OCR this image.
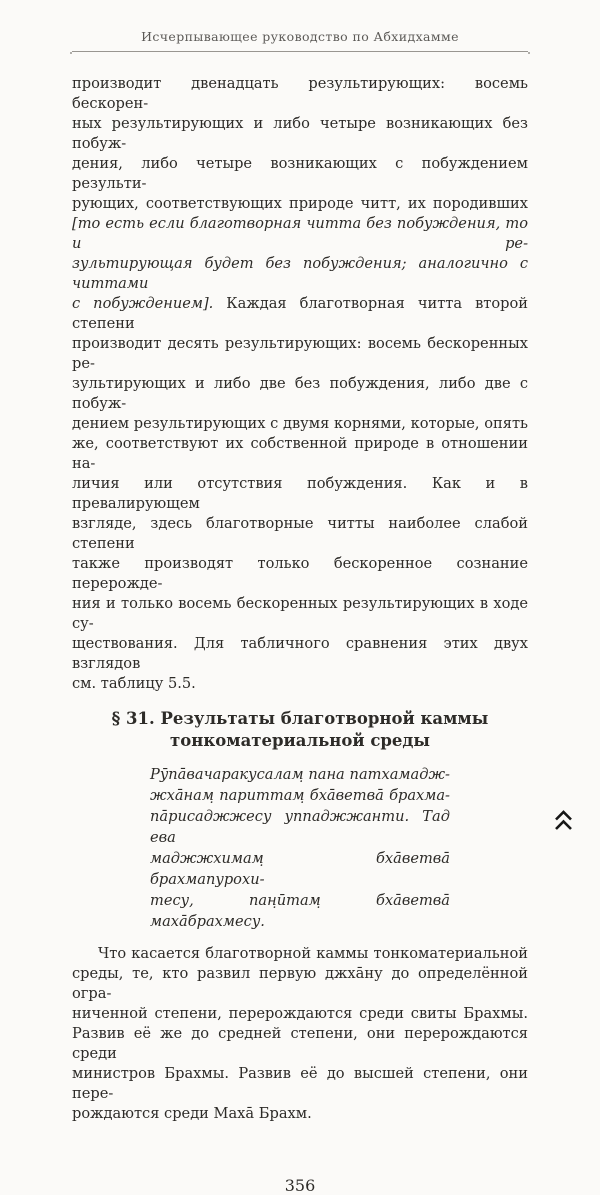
Исчерпывающее руководство по Абхидхамме
производит двенадцать результирующих: восемь бескорен-
ных результирующих и либо четыре возникающих без побуж-
дения, либо четыре возникающих с побуждением результи-
рующих, соответствующих природе читт, их породивших
[то есть если благотворная читта без побуждения, то и ре-
зультирующая будет без побуждения; аналогично с читтами
с побуждением]. Каждая благотворная читта второй степени
производит десять результирующих: восемь бескоренных ре-
зультирующих и либо две без побуждения, либо две с побуж-
дением результирующих с двумя корнями, которые, опять
же, соответствуют их собственной природе в отношении на-
личия или отсутствия побуждения. Как и в превалирующем
взгляде, здесь благотворные читты наиболее слабой степени
также производят только бескоренное сознание перерожде-
ния и только восемь бескоренных результирующих в ходе су-
ществования. Для табличного сравнения этих двух взглядов
см. таблицу 5.5.
§ 31. Результаты благотворной каммы
тонкоматериальной среды
Рӯпа̄вачаракусалам̣ пана патхамадж-
жха̄нам̣ париттам̣ бха̄ветва̄ брахма-
па̄рисаджжесу уппаджжанти. Тад ева
маджжхимам̣ бха̄ветва̄ брахмапурохи-
тесу, пан̣ӣтам̣ бха̄ветва̄ маха̄брахмесу.
Что касается благотворной каммы тонкоматериальной
среды, те, кто развил первую джха̄ну до определённой огра-
ниченной степени, перерождаются среди свиты Брахмы.
Развив её же до средней степени, они перерождаются среди
министров Брахмы. Развив её до высшей степени, они пере-
рождаются среди Маха̄ Брахм.
356
